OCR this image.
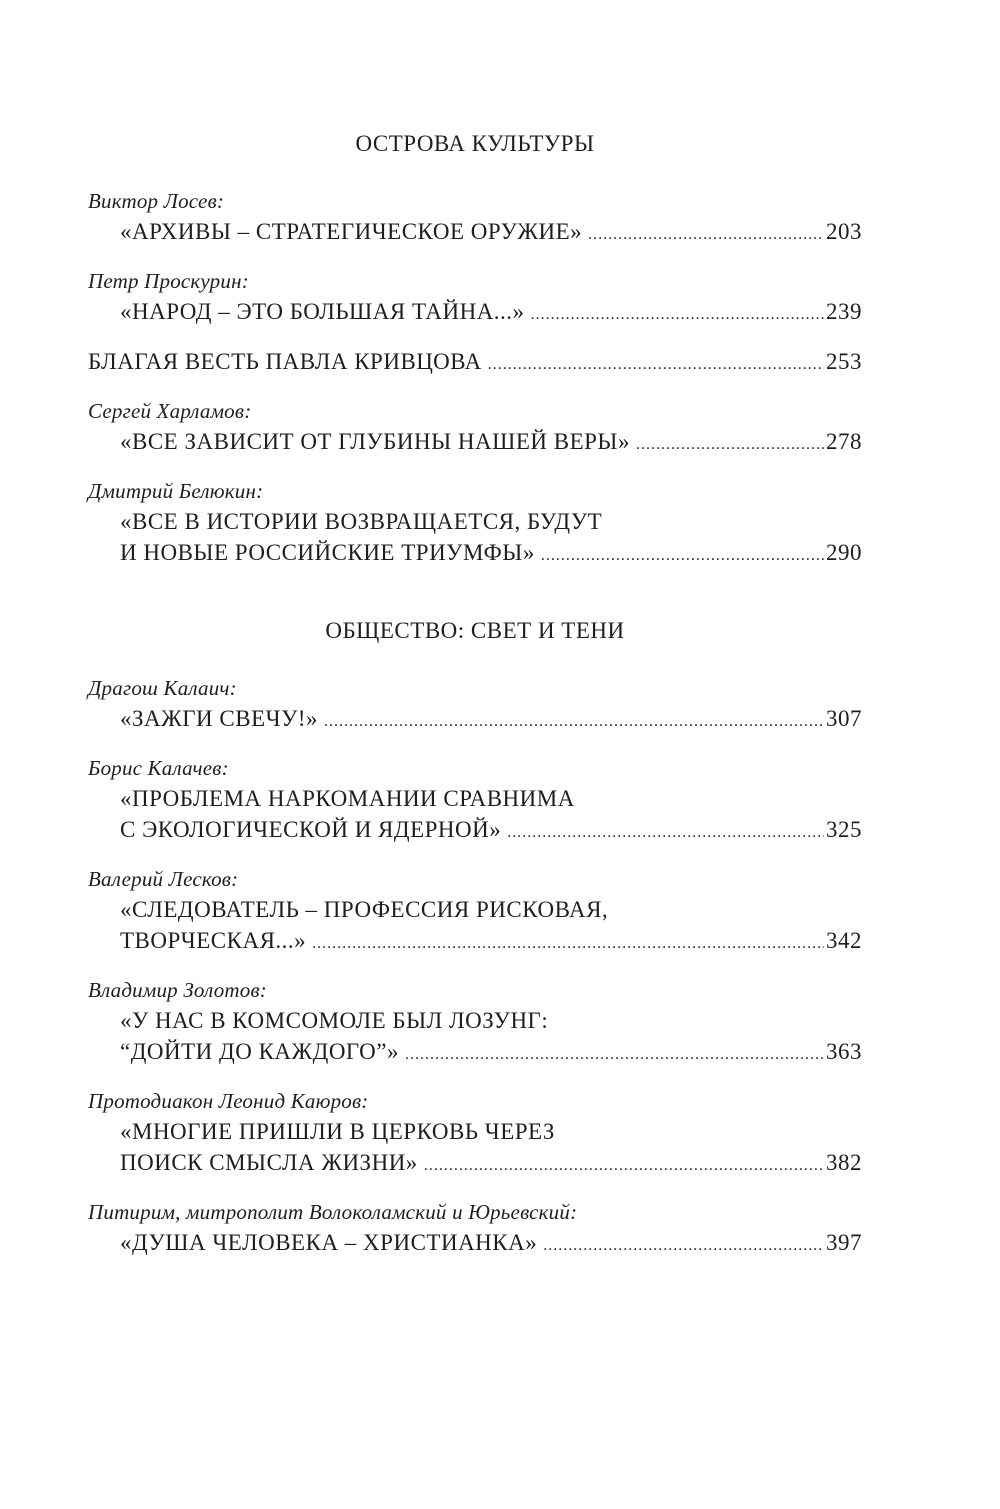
ОСТРОВА КУЛЬТУРЫ
Виктор Лосев:
«АРХИВЫ – СТРАТЕГИЧЕСКОЕ ОРУЖИЕ» .....	203
Петр Проскурин:
«НАРОД – ЭТО БОЛЬШАЯ ТАЙНА...» .....	239
БЛАГАЯ ВЕСТЬ ПАВЛА КРИВЦОВА .....	253
Сергей Харламов:
«ВСЕ ЗАВИСИТ ОТ ГЛУБИНЫ НАШЕЙ ВЕРЫ» .....	278
Дмитрий Белюкин:
«ВСЕ В ИСТОРИИ ВОЗВРАЩАЕТСЯ, БУДУТ
И НОВЫЕ РОССИЙСКИЕ ТРИУМФЫ» .....	290
ОБЩЕСТВО: СВЕТ И ТЕНИ
Драгош Калаич:
«ЗАЖГИ СВЕЧУ!» .....	307
Борис Калачев:
«ПРОБЛЕМА НАРКОМАНИИ СРАВНИМА
С ЭКОЛОГИЧЕСКОЙ И ЯДЕРНОЙ» .....	325
Валерий Лесков:
«СЛЕДОВАТЕЛЬ – ПРОФЕССИЯ РИСКОВАЯ,
ТВОРЧЕСКАЯ...» .....	342
Владимир Золотов:
«У НАС В КОМСОМОЛЕ БЫЛ ЛОЗУНГ:
“ДОЙТИ ДО КАЖДОГО”» .....	363
Протодиакон Леонид Каюров:
«МНОГИЕ ПРИШЛИ В ЦЕРКОВЬ ЧЕРЕЗ
ПОИСК СМЫСЛА ЖИЗНИ» .....	382
Питирим, митрополит Волоколамский и Юрьевский:
«ДУША ЧЕЛОВЕКА – ХРИСТИАНКА» .....	397
